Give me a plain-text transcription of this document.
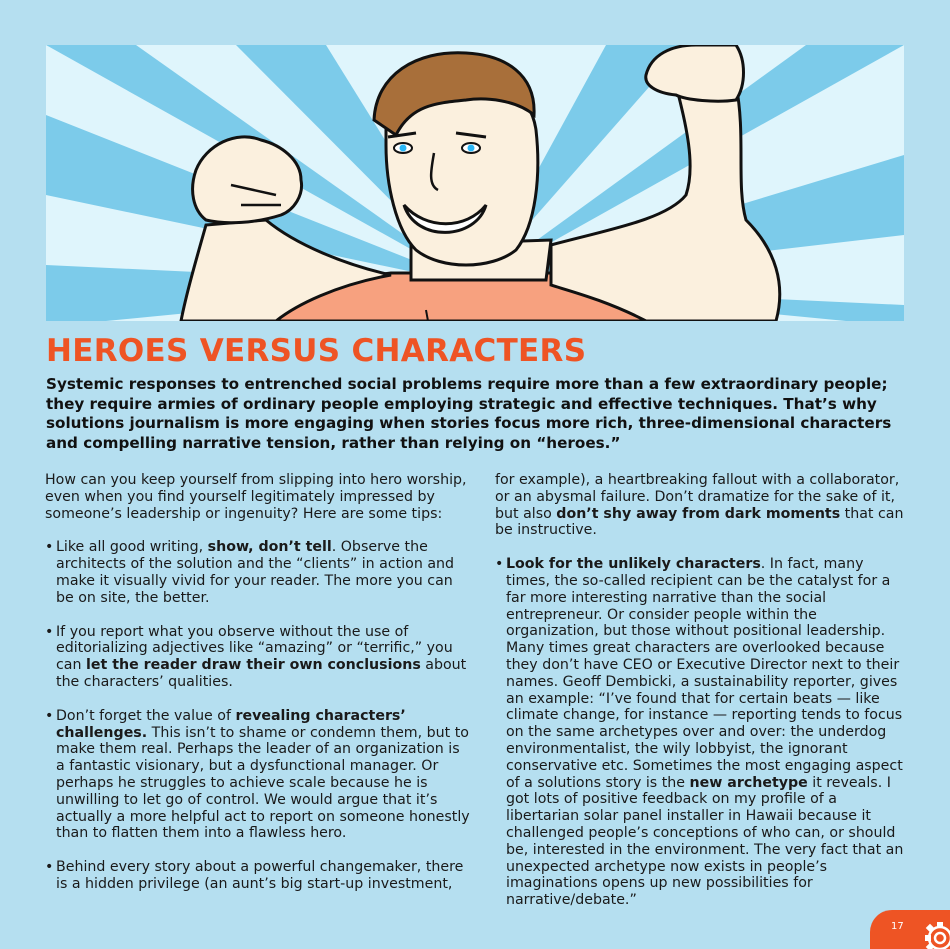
HEROES VERSUS CHARACTERS

Systemic responses to entrenched social problems require more than a few extraordinary people; they require armies of ordinary people employing strategic and effective techniques. That’s why solutions journalism is more engaging when stories focus more rich, three-dimensional characters and compelling narrative tension, rather than relying on “heroes.”

How can you keep yourself from slipping into hero worship, even when you find yourself legitimately impressed by someone’s leadership or ingenuity? Here are some tips:

• Like all good writing, show, don’t tell. Observe the architects of the solution and the “clients” in action and make it visually vivid for your reader. The more you can be on site, the better.
• If you report what you observe without the use of editorializing adjectives like “amazing” or “terrific,” you can let the reader draw their own conclusions about the characters’ qualities.
• Don’t forget the value of revealing characters’ challenges. This isn’t to shame or condemn them, but to make them real. Perhaps the leader of an organization is a fantastic visionary, but a dysfunctional manager. Or perhaps he struggles to achieve scale because he is unwilling to let go of control. We would argue that it’s actually a more helpful act to report on someone honestly than to flatten them into a flawless hero.
• Behind every story about a powerful changemaker, there is a hidden privilege (an aunt’s big start-up investment,

for example), a heartbreaking fallout with a collaborator, or an abysmal failure. Don’t dramatize for the sake of it, but also don’t shy away from dark moments that can be instructive.

• Look for the unlikely characters. In fact, many times, the so-called recipient can be the catalyst for a far more interesting narrative than the social entrepreneur. Or consider people within the organization, but those without positional leadership. Many times great characters are overlooked because they don’t have CEO or Executive Director next to their names. Geoff Dembicki, a sustainability reporter, gives an example: “I’ve found that for certain beats — like climate change, for instance — reporting tends to focus on the same archetypes over and over: the underdog environmentalist, the wily lobbyist, the ignorant conservative etc. Sometimes the most engaging aspect of a solutions story is the new archetype it reveals. I got lots of positive feedback on my profile of a libertarian solar panel installer in Hawaii because it challenged people’s conceptions of who can, or should be, interested in the environment. The very fact that an unexpected archetype now exists in people’s imaginations opens up new possibilities for narrative/debate.”
17
